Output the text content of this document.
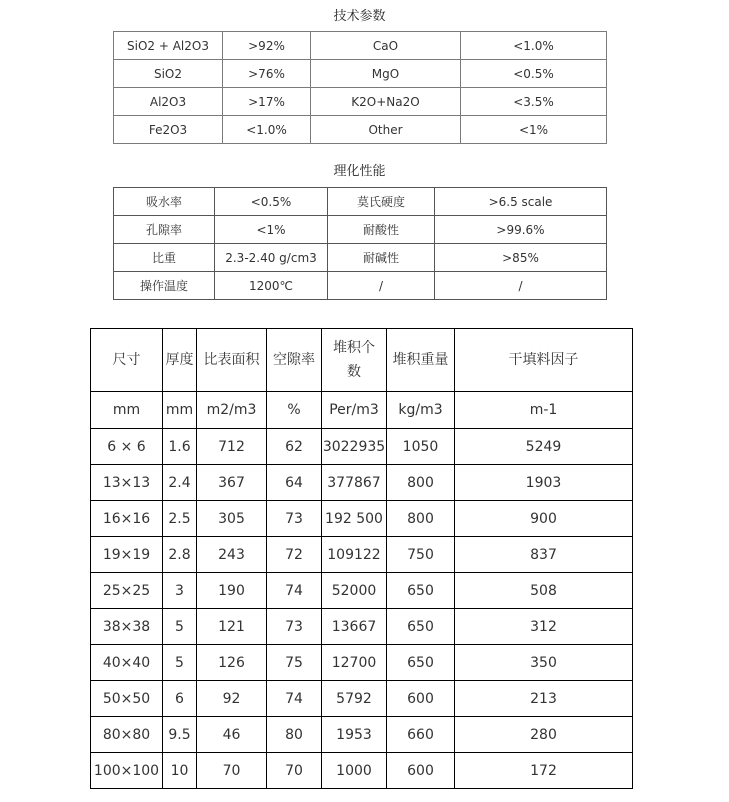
技术参数
SiO2 + Al2O3	>92%	CaO	<1.0%
SiO2	>76%	MgO	<0.5%
Al2O3	>17%	K2O+Na2O	<3.5%
Fe2O3	<1.0%	Other	<1%
理化性能
吸水率	<0.5%	莫氏硬度	>6.5 scale
孔隙率	<1%	耐酸性	>99.6%
比重	2.3-2.40 g/cm3	耐碱性	>85%
操作温度	1200℃	/	/
尺寸	厚度	比表面积	空隙率	堆积个数	堆积重量	干填料因子
mm	mm	m2/m3	%	Per/m3	kg/m3	m-1
6 × 6	1.6	712	62	3022935	1050	5249
13×13	2.4	367	64	377867	800	1903
16×16	2.5	305	73	192 500	800	900
19×19	2.8	243	72	109122	750	837
25×25	3	190	74	52000	650	508
38×38	5	121	73	13667	650	312
40×40	5	126	75	12700	650	350
50×50	6	92	74	5792	600	213
80×80	9.5	46	80	1953	660	280
100×100	10	70	70	1000	600	172
